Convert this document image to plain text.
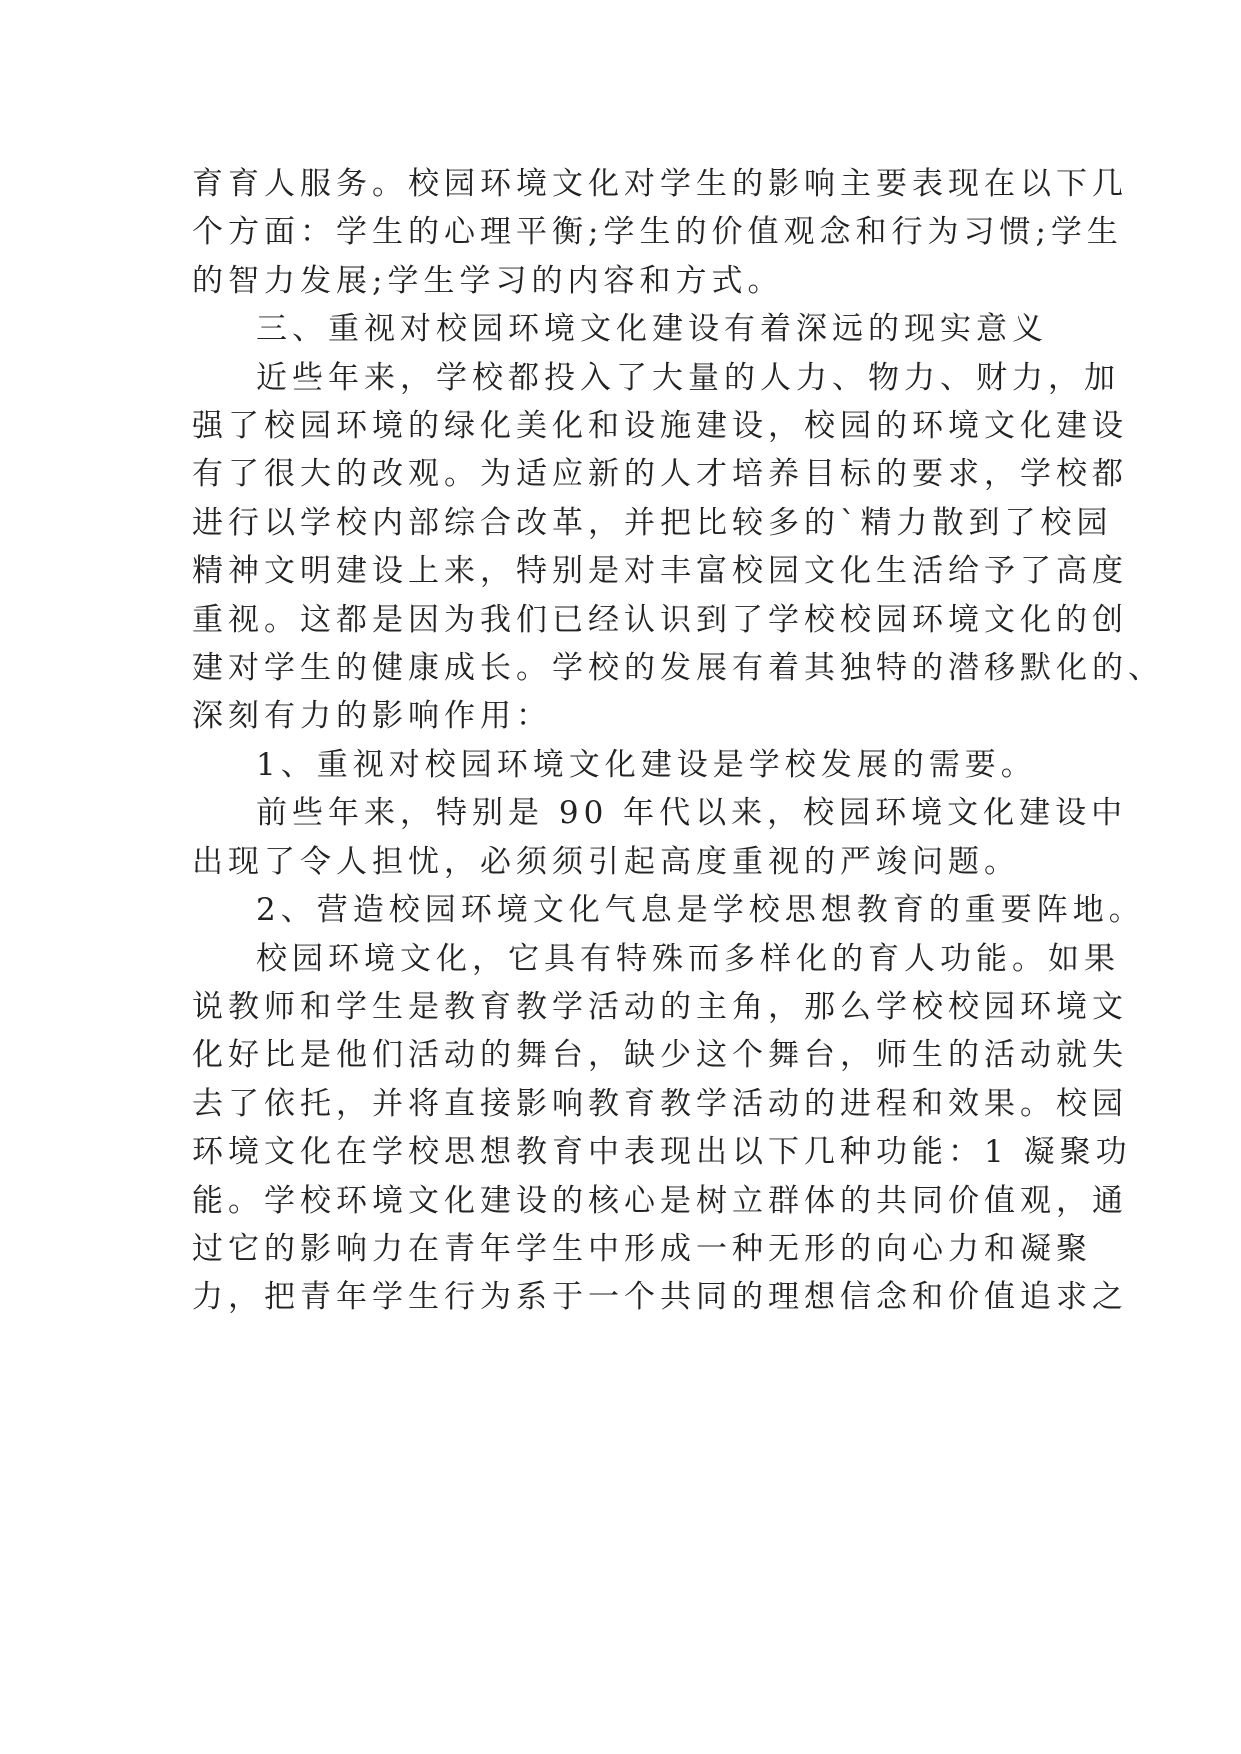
育育人服务。校园环境文化对学生的影响主要表现在以下几

个方面：学生的心理平衡;学生的价值观念和行为习惯;学生

的智力发展;学生学习的内容和方式。

三、重视对校园环境文化建设有着深远的现实意义

近些年来，学校都投入了大量的人力、物力、财力，加

强了校园环境的绿化美化和设施建设，校园的环境文化建设

有了很大的改观。为适应新的人才培养目标的要求，学校都

进行以学校内部综合改革，并把比较多的`精力散到了校园

精神文明建设上来，特别是对丰富校园文化生活给予了高度

重视。这都是因为我们已经认识到了学校校园环境文化的创

建对学生的健康成长。学校的发展有着其独特的潜移默化的、

深刻有力的影响作用：

1、重视对校园环境文化建设是学校发展的需要。

前些年来，特别是 90 年代以来，校园环境文化建设中

出现了令人担忧，必须须引起高度重视的严竣问题。

2、营造校园环境文化气息是学校思想教育的重要阵地。

校园环境文化，它具有特殊而多样化的育人功能。如果

说教师和学生是教育教学活动的主角，那么学校校园环境文

化好比是他们活动的舞台，缺少这个舞台，师生的活动就失

去了依托，并将直接影响教育教学活动的进程和效果。校园

环境文化在学校思想教育中表现出以下几种功能：1 凝聚功

能。学校环境文化建设的核心是树立群体的共同价值观，通

过它的影响力在青年学生中形成一种无形的向心力和凝聚

力，把青年学生行为系于一个共同的理想信念和价值追求之
